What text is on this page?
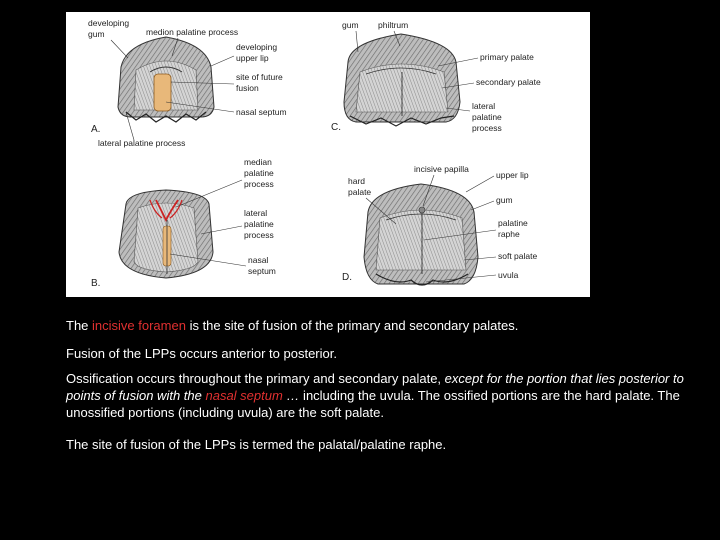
A.
developing
gum	medion palatine process
developing
upper lip
site of future
fusion
nasal septum
lateral palatine process
B.
median
palatine
process
lateral
palatine
process
nasal
septum
C.
gum philtrum
primary palate
secondary palate
lateral
palatine
process
D.
incisive papilla
upper lip
hard
palate
gum
palatine
raphe
soft palate
uvula
The incisive foramen is the site of fusion of the primary and secondary palates.
Fusion of the LPPs occurs anterior to posterior.
Ossification occurs throughout the primary and secondary palate, except for the portion that lies posterior to points of fusion with the nasal septum … including the uvula. The ossified portions are the hard palate. The unossified portions (including uvula) are the soft palate.
The site of fusion of the LPPs is termed the palatal/palatine raphe.
